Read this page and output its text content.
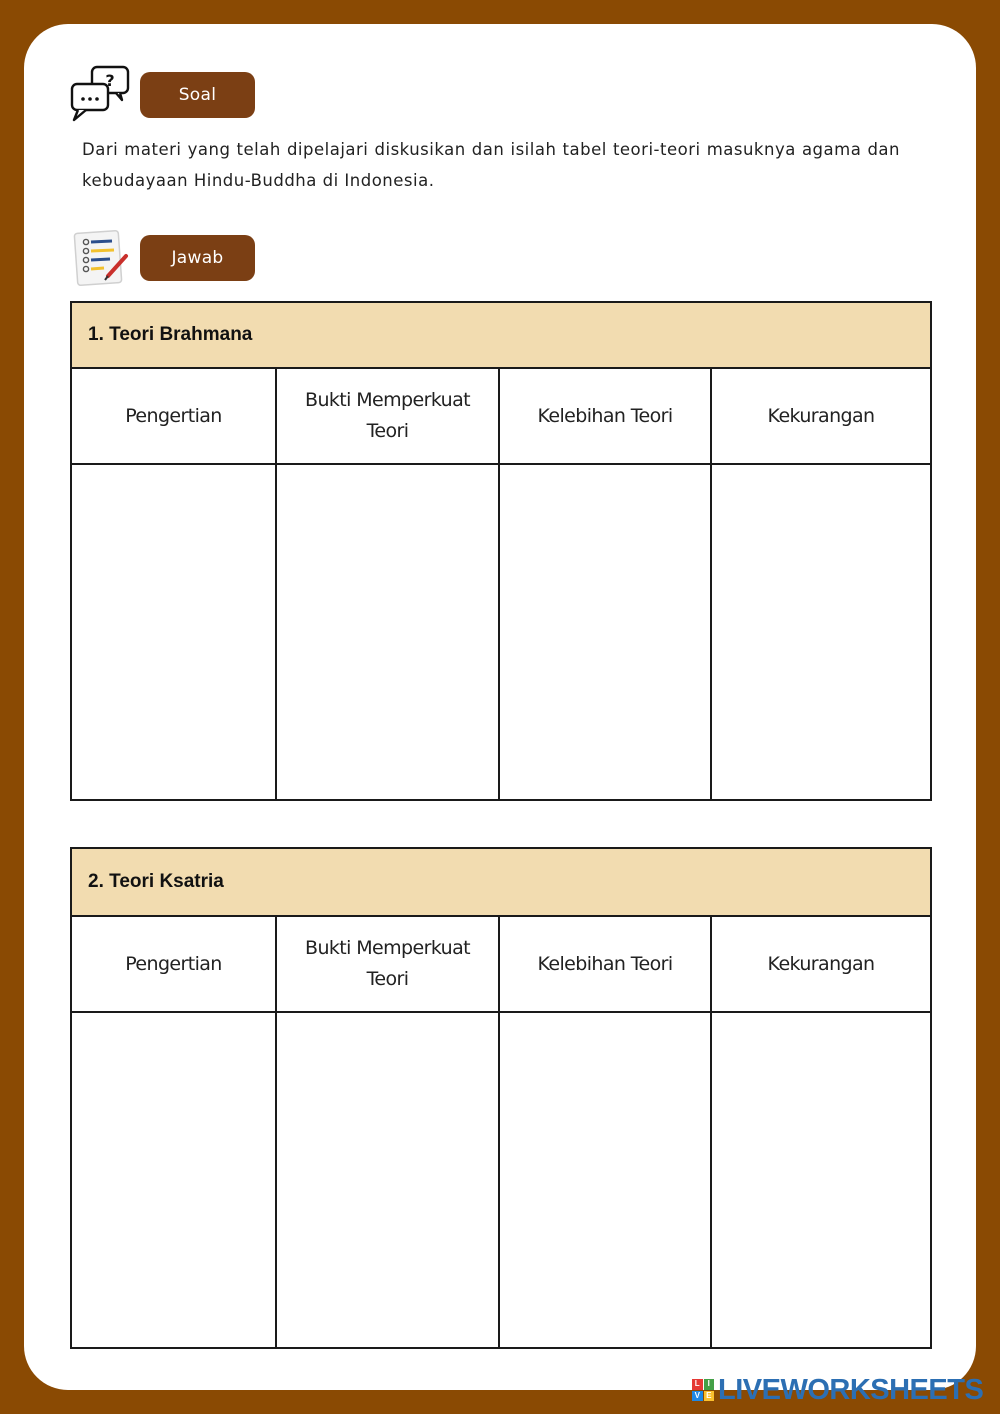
?
Soal
Dari materi yang telah dipelajari diskusikan dan isilah tabel teori-teori masuknya agama dan kebudayaan Hindu-Buddha di Indonesia.
Jawab
1. Teori Brahmana			
Pengertian	Bukti Memperkuat Teori	Kelebihan Teori	Kekurangan

2. Teori Ksatria			
Pengertian	Bukti Memperkuat Teori	Kelebihan Teori	Kekurangan

L I
V E LIVEWORKSHEETS
